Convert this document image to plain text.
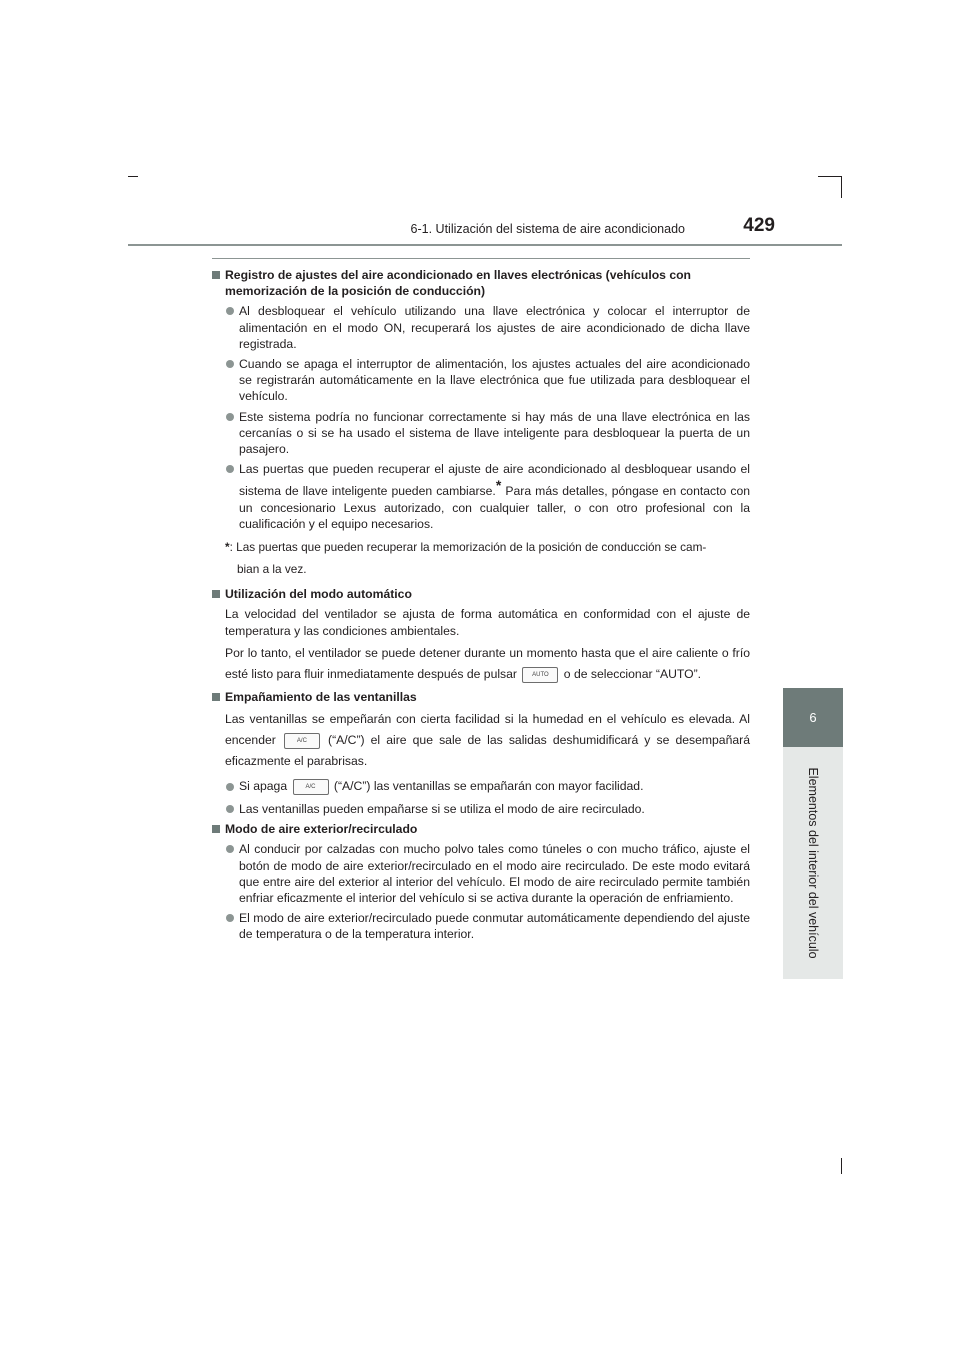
6-1. Utilización del sistema de aire acondicionado	429
6
Elementos del interior del vehículo
Registro de ajustes del aire acondicionado en llaves electrónicas (vehículos con memorización de la posición de conducción)
Al desbloquear el vehículo utilizando una llave electrónica y colocar el interruptor de alimentación en el modo ON, recuperará los ajustes de aire acondicionado de dicha llave registrada.
Cuando se apaga el interruptor de alimentación, los ajustes actuales del aire acondicionado se registrarán automáticamente en la llave electrónica que fue utilizada para desbloquear el vehículo.
Este sistema podría no funcionar correctamente si hay más de una llave electrónica en las cercanías o si se ha usado el sistema de llave inteligente para desbloquear la puerta de un pasajero.
Las puertas que pueden recuperar el ajuste de aire acondicionado al desbloquear usando el sistema de llave inteligente pueden cambiarse.* Para más detalles, póngase en contacto con un concesionario Lexus autorizado, con cualquier taller, o con otro profesional con la cualificación y el equipo necesarios.
*: Las puertas que pueden recuperar la memorización de la posición de conducción se cam-
bian a la vez.
Utilización del modo automático
La velocidad del ventilador se ajusta de forma automática en conformidad con el ajuste de temperatura y las condiciones ambientales.
Por lo tanto, el ventilador se puede detener durante un momento hasta que el aire caliente o frío esté listo para fluir inmediatamente después de pulsar	AUTO o de seleccionar “AUTO”.
Empañamiento de las ventanillas
Las ventanillas se empeñarán con cierta facilidad si la humedad en el vehículo es elevada. Al encender	A/C (“A/C”) el aire que sale de las salidas deshumidificará y se desempañará eficazmente el parabrisas.
Si apaga	A/C (“A/C”) las ventanillas se empañarán con mayor facilidad.
Las ventanillas pueden empañarse si se utiliza el modo de aire recirculado.
Modo de aire exterior/recirculado
Al conducir por calzadas con mucho polvo tales como túneles o con mucho tráfico, ajuste el botón de modo de aire exterior/recirculado en el modo aire recirculado. De este modo evitará que entre aire del exterior al interior del vehículo. El modo de aire recirculado permite también enfriar eficazmente el interior del vehículo si se activa durante la operación de enfriamiento.
El modo de aire exterior/recirculado puede conmutar automáticamente dependiendo del ajuste de temperatura o de la temperatura interior.
